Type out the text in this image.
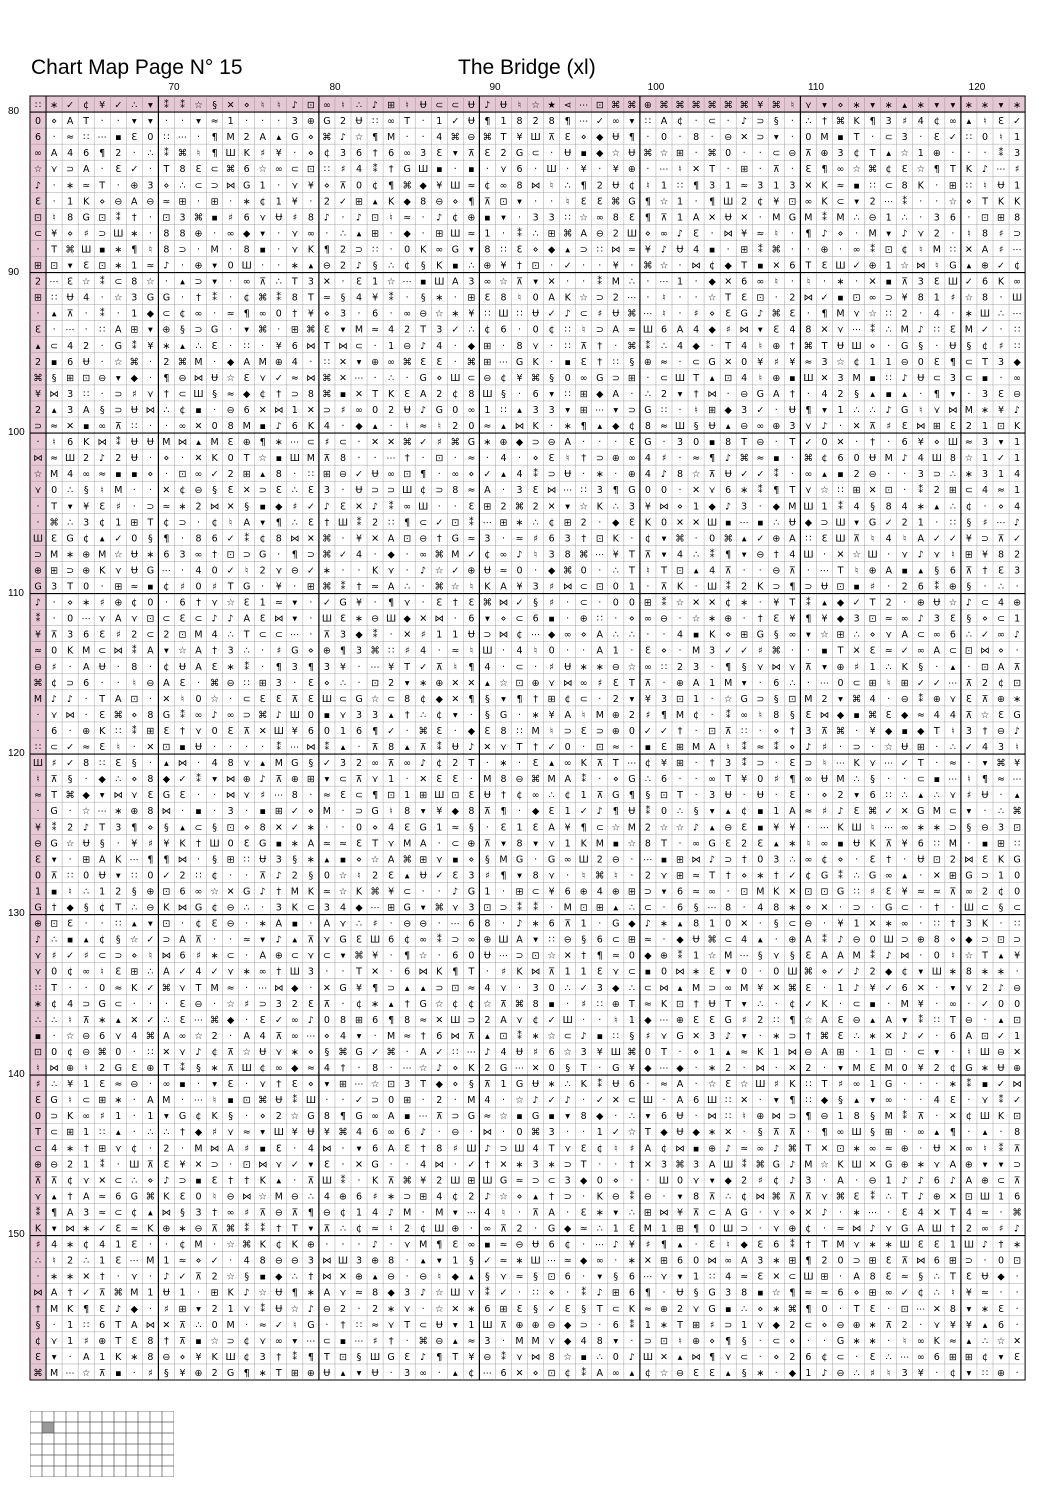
Chart Map Page N° 15	The Bridge (xl)
70	80	90	100	110	120
80
90
100
110
120
130
140
150
∷ ∗ ✓ ¢ ¥ ✓ ∴ ▾ ⁑ ⁑ ☆ § ✕ ⋄ ♮ ♮ ♪ ⊡ ∞ ♮ ∴ ♪ ⊞ ♮ Ʉ ⊂ ⊂ Ʉ ♪ Ʉ ♮ ☆ ★ ⋖ ⋯ ⊡ ⌘ ⌘ ⊕ ⌘ ⌘ ⌘ ⌘ ⌘ ⌘ ¥ ⌘ ♮ ⋎ ▾ ⋄ ∗ ▾ ∗ ▴ ∗ ▾ ▾ ∗ ∗ ▾ ∗
0 ⋄ A T · · ▾ ▾ · · ▾ ≈ 1 · · · 3 ⊕ G 2 Ʉ ∷ ∞ T · 1 ✓ Ʉ ¶ 1 8 2 8 ¶ ⋯ ✓ ∞ ▾ ∷ A ¢ · ⊂ · ♪ ⊃ § · ∴ † ⌘ K ¶ 3 ♯ 4 ¢ ∞ ▴ ♮ ℇ ✓
6 · ≈ ∷ ⋯ ▪ ℇ 0 ∷ ⋯ · ¶ M 2 A ▴ G ⋄ ⌘ ♪ ☆ ¶ M · · 4 ⌘ ⊖ ⌘ T ¥ Ш ⊼ ℇ ⋄ ◆ Ʉ ¶ · 0 · 8 · ⊖ ✕ ⊃ ▾ · 0 M ▪ T · ⊂ 3 · ℇ ✓ ∷ 0 ♮ 1
∞ A 4 6 ¶ 2 · ∴ ⁑ ⌘ ♮ ¶ Ш K ♯ ¥ · ⋄ ¢ 3 6 † 6 ∞ 3 Ɛ ▾ ⊼ ℇ 2 G ⊂ · Ʉ ▪ ◆ ☆ Ʉ ⌘ ☆ ⊞ · ⌘ 0 · · ⊂ ⊖ ⊼ ⊕ 3 ¢ T ▴ ☆ 1 ⊕ · · · ⁑ 3
☆ ⋎ ⊃ A · Ɛ ✓ · T 8 ℇ ⊂ ⌘ 6 ☆ ∞ ⊂ ⊡ ∷ ♯ 4 ⁑ † G Ш ▪ · ▪ · ⋎ 6 · Ш · ¥ · ¥ ⊕ · ⋯ ♮ ✕ T · ⊞ · ⊼ · ℇ ¶ ∞ ☆ ⌘ ¢ ℇ ☆ ¶ T K ♪ ⋯ ♯
♪ · ∗ ≈ T · ⊕ 3 ⋄ ∴ ⊂ ⊃ ⋈ G 1 · ⋎ ¥ ⋄ ⊼ 0 ¢ ¶ ⌘ ◆ ¥ Ш ≈ ¢ ∞ 8 ⋈ ♮ ∴ ¶ 2 Ʉ ¢ ♮ 1 ∷ ¶ 3 1 ≈ 3 1 3 ✕ K ≈ ▪ ∷ ⊂ 8 K · ⊞ ∷ ♮ Ʉ 1
Ɛ · 1 K ⋄ ⊖ A ⊖ ≈ ⊞ · ⊞ · ∗ ¢ 1 ¥ · 2 ✓ ⊞ ▴ K ◆ 8 ⊖ ⋄ ¶ ⊼ ⊡ ▾ · · ♮ Ɛ Ɛ ⌘ G ¶ ☆ 1 · ¶ Ш 2 ¢ ¥ ⊡ ∞ K ⊂ ▾ 2 ⋯ ⁑ · · ☆ ⋄ T K K
⊡ ♮ 8 G ⊡ ⁑ † · ⊡ 3 ⌘ ▪ ♯ 6 ⋎ Ʉ ♯ 8 ♪ · ♪ ⊡ ♮ ≈ · ♪ ¢ ⊕ ▪ ▾ · 3 3 ∷ ☆ ∞ 8 Ɛ ¶ ⊼ 1 A ✕ Ʉ ✕ · M G M ⁑ M ∴ ⊖ 1 ∴ · 3 6 · ⊡ ⊞ 8
⊂ ¥ ⋄ ♯ ⊃ Ш ∗ · 8 8 ⊕ · ∞ ◆ ▾ · ⋎ ∞ · ∴ ▴ ⊞ · ◆ · ⊞ Ш ≈ 1 · ⁑ ∴ ⊞ ⌘ A ⊖ 2 Ш ⋄ ∞ ♪ ℇ · ⋈ ¥ ≈ ♮ · ¶ ♪ ⋄ · M ▾ ♪ ⋎ 2 · ♮ 8 ♯ ⊃
· T ⌘ Ш ▪ ∗ ¶ ♮ 8 ⊃ · M · 8 ▪ · ⋎ K ¶ 2 ⊃ ∷ · 0 K ∞ G ▾ 8 ∷ Ɛ ⋄ ◆ ▴ ⊃ ∷ ⋈ ≈ ¥ ♪ Ʉ 4 ▪ · ⊞ ⁑ ⌘ · · ⊕ · ∞ ⁑ ⊡ ¢ ♮ M ∷ ✕ A ♯ ⋯
⊞ ⊡ ▾ Ɛ ⊡ ∗ 1 ≈ ♪ · ⊕ ▾ 0 Ш · · ∗ ▴ ⊖ 2 ♪ § ∴ ¢ § K ▪ ∴ ⊕ ¥ † ⊡ · ✓ · · ¥ · ⌘ ☆ · ⋈ ¢ ◆ T ▪ ✕ 6 T Ɛ Ш ✓ ⊕ 1 ☆ ⋈ ♮ G ▴ ⊕ ✓ ¢
2 ⋯ ℇ ☆ ⁑ ⊂ 8 ☆ · ▴ ⊃ ▾ · ∞ ⊼ ∴ T 3 ✕ · ℇ 1 ☆ ⋯ ▪ Ш A 3 ∞ ☆ ⊼ ▾ ✕ · · ⁑ M ∴ · ⋯ 1 · ◆ ✕ 6 ∞ ♮ · ♮ · ∗ · ✕ ▪ ⊼ 3 Ɛ Ш ✓ 6 K ∞
⊞ ∷ Ʉ 4 · ☆ 3 G G · † ⁑ · ¢ ⌘ ⁑ 8 T ≈ § 4 ¥ ⁑ · § ∗ · ⊞ Ɛ 8 ♮ 0 A K ☆ ⊃ 2 ⋯ · ♮ · · ☆ T Ɛ ⊡ · 2 ⋈ ✓ ▪ ⊡ ∞ ⊃ ¥ 8 1 ♯ ☆ 8 · Ш
· ▴ ⊼ · ⁑ · 1 ◆ ⊂ ¢ ∞ · ≈ ¶ ∞ 0 † ¥ ⋄ 3 · 6 · ∞ ⊖ ☆ ∗ ¥ ∷ Ш ∷ Ʉ ✓ ♪ ⊂ ♯ Ʉ ⌘ ⋯ ♮ · ♯ ⋄ Ɛ G ♪ ⌘ Ɛ · ¶ M ⋎ ☆ ∷ 2 · 4 · ∗ Ш ∴ ⋯
ℇ · ⋯ · ∷ A ⊞ ▾ ⊕ § ⊃ G · ▾ ⌘ · ⊞ ⌘ ℇ ▾ M ≈ 4 2 T 3 ✓ ∴ ¢ 6 · 0 ¢ ∷ ♮ ⊃ A ≈ Ш 6 A 4 ◆ ♯ ⋈ ▾ ℇ 4 8 ✕ ⋎ ⋯ ⁑ ∴ M ♪ ∷ ℇ M ✓ · ∷
▴ ⊂ 4 2 · G ⁑ ¥ ∗ ▴ ∴ ℇ · ∷ · ¥ 6 ⋈ T ⋈ ⊂ · 1 ⊖ ♪ 4 · ◆ ⊞ · 8 ⋎ · ∷ ⊼ † · ⌘ ⁑ ∴ 4 ◆ · T 4 ♮ ⊕ † ⌘ T Ʉ Ш ⋄ · G § · Ʉ § ¢ ♯ ∷
2 ▪ 6 Ʉ · ☆ ⌘ · 2 ⌘ M · ◆ A M ⊕ 4 · ∷ ✕ ▾ ⊕ ∞ ⌘ Ɛ Ɛ · ⌘ ⊞ ⋯ G K · ▪ ℇ † ∷ § ⊕ ≈ · ⊂ G ✕ 0 ¥ ♯ ¥ ≈ 3 ☆ ¢ 1 1 ⊖ 0 ℇ ¶ ⊂ T 3 ◆
⌘ § ⊞ ⊡ ⊖ ▾ ◆ · ¶ ⊖ ⋈ Ʉ ☆ ℇ ⋎ ✓ ≈ ⋈ ⌘ ✕ ⋯ · ∴ · G ⋄ Ш ⊂ ⊖ ¢ ¥ ⌘ § 0 ∞ G ⊃ ⊞ · ⊂ Ш T ▴ ⊡ 4 ♮ ⊕ ▪ Ш ✕ 3 M ▪ ∷ ♪ Ʉ ⊂ 3 ⊂ ▪ · ∞
¥ ⋈ 3 ∷ · ⊃ ♯ ⋎ † ⊂ Ш § ≈ ◆ ¢ † ⊃ 8 ⌘ ▪ ✕ T K ℇ A 2 ¢ 8 Ш § · 6 ▾ ∷ ⊞ ◆ A · ∴ 2 ▾ † ⋈ · ⊖ G A † · 4 2 § ▴ ▪ ▴ · ¶ ▾ · 3 ℇ ⊖
2 ▴ 3 A § ⊃ Ʉ ⋈ ∴ ¢ ▪ · ⊖ 6 ✕ ⋈ 1 ✕ ⊃ ♯ ∞ 0 2 Ʉ ♪ G 0 ∞ 1 ∷ ▴ 3 3 ▾ ⊞ ⋯ ▾ ⊃ G ∷ · ♮ ⊞ ◆ 3 ✓ · Ʉ ¶ ▾ 1 ∴ ∴ ♪ G ♮ ⋎ ⋈ M ∗ ¥ ♪
⊃ ≈ ✕ ▪ ∞ ⊼ ∷ · · ∞ ✕ 0 8 M ▪ ♪ 6 K 4 · ◆ ▴ · ♮ ≈ ♮ 2 0 ≈ ▴ ⋈ K · ∗ ¶ ▴ ◆ ¢ 8 ≈ Ш § Ʉ ▴ ⊖ ∞ ⊕ 3 ⋎ ♪ · ✕ ⊼ ♯ Ɛ ⋈ ⊞ ℇ 2 1 ⊡ K
· ♮ 6 K ⋈ ⁑ Ʉ Ʉ M ⋈ ▴ M ℇ ⊕ ¶ ∗ ⋯ ⊂ ♯ ⊂ · ✕ ✕ ⌘ ✓ ♯ ⌘ G ∗ ⊕ ◆ ⊃ ⊖ A · · · ℇ G · 3 0 ▪ 8 T ⊖ · T ✓ 0 ✕ · † · 6 ¥ ⋄ Ш ≈ 3 ▾ 1
⋈ ≈ Ш 2 ♪ 2 Ʉ · ⋄ · ✕ K 0 T ☆ ▪ Ш M ⊼ 8 · · ⋯ † · ⊡ · ≈ · 4 · ⋄ ℇ ♮ † ⊃ ⊕ ∞ 4 ♯ · ≈ ¶ ♪ ⌘ ≈ ▪ · ⌘ ¢ 6 0 Ʉ M ♪ 4 Ш 8 ☆ 1 ✓ 1
☆ M 4 ∞ ≈ ▪ ▪ ⋄ · ⊡ ∞ ✓ 2 ⊞ ▴ 8 · ∷ ⊞ ⊖ ✓ Ʉ ∞ ⊡ ¶ · ∞ ⋄ ✓ ▴ 4 ⁑ ⊃ Ʉ · ∗ · ⊕ 4 ♪ 8 ☆ ⊼ Ʉ ✓ ✓ ⁑ · ∞ ▴ ▪ 2 ⊖ · · 3 ⊃ ∴ ∗ 3 1 4
⋎ 0 ∴ § ♮ M · · ✕ ¢ ⊖ § Ɛ ✕ ⊃ ℇ ∴ ℇ 3 · Ʉ ⊃ ⊃ Ш ¢ ⊃ 8 ≈ A · 3 Ɛ ⋈ ⋯ ∷ 3 ¶ G 0 0 · ✕ ⋎ 6 ∗ ⁑ ¶ T ⋎ ☆ ∷ ⊞ ✕ ⊡ · ⁑ 2 ⊞ ⊂ 4 ≈ 1
· T ▾ ¥ Ɛ ♯ · ⊃ ≈ ∗ 2 ⋈ ✕ § ▪ ◆ ♯ ✓ ♪ ℇ ✕ ♪ ⁑ ∞ Ш · · Ɛ ⊞ 2 ⌘ 2 ✕ ▾ ☆ K ∴ 3 ¥ ⋈ ⋄ 1 ◆ ♪ 3 · ◆ M Ш 1 ⁑ 4 § 8 4 ∗ ▴ ∴ ¢ · ⋄ 4
· ⌘ ∴ 3 ¢ 1 ⊞ T ¢ ⊃ · ¢ ♮ A ▾ ¶ ∴ Ɛ † Ш ⁑ 2 ∷ ¶ ⊂ ✓ ⊡ ⁑ ⋯ ⊞ ∗ ∴ ¢ ⊞ 2 · ◆ Ɛ K 0 ✕ ✕ Ш ▪ ⋯ ▪ ∴ Ʉ ◆ ⊃ Ш ▾ G ✓ 2 1 · ∷ § ♯ ⋯ ♪
Ш ℇ G ¢ ▴ ✓ 0 § ¶ · 8 6 ✓ ⁑ ¢ 8 ⋈ ✕ ⌘ · ¥ ✕ A ⊡ ⊖ † G ≈ 3 · ≈ ♯ 6 3 † ⊡ K · ¢ ▾ ⌘ · 0 ⌘ ▴ ✓ ⊕ A ∷ Ɛ Ш ⊼ ♮ 4 ♮ A ✓ ✓ ¥ ⊃ ⊼ ✓
⊃ M ∗ ⊕ M ☆ Ʉ ∗ 6 3 ∞ † ⊡ ⊃ G · ¶ ⊃ ⌘ ✓ 4 · ◆ · ∞ ⌘ M ✓ ¢ ∞ ♪ ♮ 3 8 ⌘ ⋯ ¥ T ⊼ ▾ 4 ∴ ⁑ ¶ ▾ ⊖ † 4 Ш · ✕ ☆ Ш · ⋎ ♪ ⋎ ♮ ⊞ ¥ 8 2
⊕ ⊞ ⊃ ⊕ K ⋎ Ʉ G ⋯ · 4 0 ✓ ♮ 2 ⋎ ⊖ ✓ ∗ · · K ⋎ · ♪ ☆ ✓ ⊕ Ʉ ≈ 0 · ◆ ⌘ 0 · ∴ T ♮ T ⊡ ▴ 4 ⊼ · · ⊖ ⊼ · ⋯ T ♮ ⊕ A ▪ ▴ § 6 ⊼ † ℇ 3
G 3 T 0 · ⊞ ≈ ▪ ¢ ♯ 0 ♯ T G · ¥ · ⊞ ⌘ ⁑ † ≈ A ∴ · ⌘ ☆ ♮ K A ¥ 3 ♯ ⋈ ⊂ ⊡ 0 1 · ⊼ K · Ш ⁑ 2 K ⊃ ¶ ⊃ Ʉ ⊡ ▪ ♯ · 2 6 ⁑ ⊕ § · ∴ ·
♪ · ⋄ ∗ ♯ ⊕ ¢ 0 · 6 † ⋎ ☆ ℇ 1 ≈ ▾ · ✓ G ¥ · ¶ ⋎ · ℇ † Ɛ ⌘ ⋈ ✓ § ♯ · ⊂ · 0 0 ⊞ ⁑ ☆ ✕ ✕ ¢ ∗ · ¥ T ⁑ ▴ ◆ ✓ T 2 · ⊕ Ʉ ☆ ♪ ⊂ 4 ⊕
⁑ · 0 ⋯ ⋎ A ⋎ ⊡ ⊂ ℇ ⊂ ♪ ♪ A Ɛ ⋈ ▾ · Ш Ɛ ∗ ⊖ Ш ◆ ✕ ⋈ · 6 ▾ ⋄ ⊂ 6 ▪ · ⊕ ∷ · ⋄ ∞ ⊖ · ☆ ∗ ⊕ · † ℇ ¥ ¶ ¥ ◆ 3 ⊡ ≈ ∞ ♪ 3 Ɛ § ⋄ ⊂ 1
¥ ⊼ 3 6 Ɛ ♯ 2 ⊂ 2 ⊡ M 4 ∴ T ⊂ ⊂ ⋯ · ⊼ 3 ◆ ⁑ · ✕ ♯ 1 1 Ʉ ⊃ ⋈ ¢ ⋯ ◆ ∞ ⋄ A ∴ ∴ · · 4 ▪ K ⋄ ⊞ G § ∞ ▾ ☆ ⊞ ∴ ⋄ ⋎ A ⊂ ∞ 6 ∴ ✓ ∞ ♪
≈ 0 K M ⊂ ⋈ ⁑ A ▾ ☆ A † 3 ∴ · ♯ G ⋄ ⊕ ¶ 3 ⌘ ∷ ♯ 4 · ≈ ♮ Ш · 4 ♮ 0 · · A 1 · Ɛ ⋄ · M 3 ✓ ✓ ♯ ⌘ · · ▪ T ✕ Ɛ ≈ ✓ ∞ A ⊂ ⊡ ⋈ ⋄ ·
⊖ ♯ · A Ʉ · 8 · ¢ Ʉ A Ɛ ∗ ⁑ · ¶ 3 ¶ 3 ¥ · ⋯ ¥ T ✓ ⊼ ♮ ¶ 4 · ⊂ · ♯ Ʉ ∗ ∗ ⊖ ☆ ∞ ∷ 2 3 · ¶ § ⋎ ⋈ ⋎ ⊼ ▾ ⊕ ♯ 1 ∴ K § · ▴ · ⊡ A ⊼
⌘ ¢ ⊃ 6 · · ♮ ⊖ A ℇ · ⌘ ⊖ ∷ ⊞ 3 · Ɛ ⋄ ∴ · ⊡ 2 ▾ ∗ ⊕ ✕ ✕ ▴ ☆ ⊡ ⊕ ⋎ ⋈ ∞ ♯ Ɛ T ⊼ · ⊕ A 1 M ▾ · 6 ∴ · ⋯ 0 ⊂ ⊞ ♮ ⊞ ✓ ✓ ⋯ ⊼ 2 ¢ ⊡
M ♪ ♪ · T A ⊡ · ✕ ♮ 0 ☆ · ⊂ ℇ Ɛ ⊼ ℇ Ш ⊂ G ☆ ⊂ 8 ¢ ◆ ✕ ¶ § ▾ ¶ † ⊞ ¢ ⊂ · 2 ▾ ¥ 3 ⊡ 1 · ☆ G ⊃ § ⊡ M 2 ▾ ⌘ 4 · ⊖ ⁑ ⊕ ⋎ ℇ ⊼ ⊕ ∗
· ⋎ ⋈ · ℇ ⌘ ⋄ 8 G ⁑ ∞ ♪ ∞ ⊃ ⌘ ♪ Ш 0 ▪ ⋎ 3 3 ▴ † ∴ ¢ ▾ · § G · ∗ ¥ A ♮ M ⊕ 2 ♯ ¶ M ¢ · ⁑ ∞ ♮ 8 § Ɛ ⋈ ◆ ▪ ⌘ ℇ ◆ ≈ 4 4 ⊼ ☆ Ɛ G
· 6 · ⊕ K ∷ ⁑ ⊞ Ɛ † ⋎ 0 ℇ ⊼ ✕ Ш ¥ 6 0 1 6 ¶ ✓ · ⌘ Ɛ · ◆ ℇ 8 ∷ M ♮ ⊃ Ɛ ⊃ ⊕ 0 ✓ ✓ † · ⊡ ⊼ ∷ · ⋄ † 3 ⊼ ⌘ · ¥ ◆ ▪ ◆ T ♮ 3 † ⊖ ♪
∷ ⊂ ✓ ≈ Ɛ ♮ · ✕ ⊡ ▪ Ʉ · · · · ⁑ ⋯ ⋈ ⁑ ▴ · ⊼ 8 ▴ ⊼ ⁑ Ʉ ♪ ✕ ⋎ T † ✓ 0 · ⊡ ≈ · ▪ ℇ ⊞ M A ♮ ⁑ ≈ ⁑ ⋄ ♪ ♯ · ⊃ · ☆ Ʉ ⊞ · ∴ ✓ 4 3 ♮
Ш ♯ ✓ 8 ∷ ℇ § · ▴ ⋈ · 4 8 ⋎ ▴ M G § ✓ 3 2 ∞ ⊼ ∞ ♪ ¢ 2 T · ∗ · Ɛ ▴ ∞ K ⊼ T ⋯ ¢ ¥ ⊞ · † 3 ⁑ ⊃ · ℇ ⊃ ♮ ⋯ K ⋎ ⋯ ✓ T · ≈ · ▾ ⌘ ¥
♮ ⊼ § · ◆ ∴ ⋄ 8 ◆ ✓ ⁑ ▾ ⋈ ⊕ ♪ ⊼ ⊕ ⊞ ▾ ⊂ ⊼ ⋎ 1 · ✕ ℇ Ɛ · M 8 ⊖ ⌘ M A ⁑ · ⋄ G ∴ 6 · · ∞ T ¥ 0 ♯ ¶ ∞ Ʉ M ∴ § · · ⊂ ▪ ⋯ ♮ ¶ ≈ ⋯
≈ T ⌘ ◆ ▾ ⋈ ⋎ Ɛ G ℇ · · ⋈ ⋎ ♯ ⋯ 8 · ≈ Ɛ ⊂ ¶ ⊡ 1 ⊞ Ш ⊡ Ɛ Ʉ † ¢ ∞ ∴ ¢ 1 ⊼ G ¶ § ⊡ T · 3 Ʉ · Ʉ · Ɛ · ⋄ 2 ▾ 6 ∷ ∴ ▴ ∴ ⋎ ♯ Ʉ · ▴
· G · ☆ ⋯ ∗ ⊕ 8 ⋈ · ▪ · 3 · ▪ ⊞ ✓ ⋄ M · ⊃ G ♮ 8 ▾ ¥ ◆ 8 ⊼ ¶ · ◆ ℇ 1 ✓ ♪ ¶ Ʉ ⁑ 0 ∴ § ▾ ▴ ¢ ▪ 1 A ≈ ♯ ♪ Ɛ ⌘ ✓ ✕ G M ⊂ ▾ · ∴ ⌘
¥ ⁑ 2 ♪ T 3 ¶ ⋄ § ▴ ⊂ § ⊡ ⋄ 8 ✕ ✓ ∗ · · 0 ⋄ 4 ℇ G 1 ≈ § · ℇ 1 Ɛ A ¥ ¶ ⊂ ☆ M 2 ☆ ☆ ♪ ▴ ⊖ Ɛ ▪ ¥ ¥ · ⋯ K Ш ♮ ⋯ ∞ ∗ ∗ ⊃ § ⊖ 3 ⊡
⊖ G ☆ Ʉ § · ¥ ♯ ¥ K † Ш 0 Ɛ G ▪ ∗ A ≈ ≈ Ɛ T ⋎ M A · ⊂ ⊕ ⊼ ▾ 8 ▾ ⋎ 1 K M ▪ ☆ 8 T · ∞ G ℇ 2 ℇ ▴ ∗ ♮ ∞ ▪ Ʉ K ⊼ ¥ 6 ∷ M · ▪ ⊞ ∷
ℇ ▾ · ⊞ A K ⋯ ¶ ¶ ⋈ · § ⊞ ∷ Ʉ 3 § ∗ ▴ ▪ ⋄ ☆ A ⌘ ⊞ ⋎ ▪ ⋄ § M G · G ∞ Ш 2 ⊖ · ⋯ ▪ ⊞ ⋈ ♪ ⊃ † 0 3 ∴ ∞ ¢ ⋄ · Ɛ † · Ʉ ⊡ 2 ⋈ Ɛ K G
0 ⊼ ∷ 0 Ʉ ▾ ∷ 0 ✓ 2 ∷ ¢ · · ⊼ ♪ 2 § 0 ☆ ♮ 2 Ɛ ▴ Ʉ ✓ Ɛ 3 ♯ ¶ ▾ 8 ⋎ · ♮ ⌘ ♮ · 2 ⋎ ⊞ ≈ T † ⋄ ∗ † ✓ ¢ G ⁑ ∴ G ∞ ▴ · ✕ ⊞ G ⊃ 1 0
1 ▪ ♮ ∴ 1 2 § ⊕ ⊡ 6 ∞ ☆ ✕ G ♪ † M K ≈ ☆ K ⌘ ¥ ⊂ · · ♪ G 1 · ⊞ ⊂ ¥ 6 ⊕ 4 ⊕ ⊞ ⊃ ▾ 6 ≈ ∞ · ⊡ M K ✕ ⊡ ⊡ G ∷ ♯ Ɛ ¥ ≈ ≈ ⊼ ∞ 2 ¢ 0
G † ◆ § ¢ T ∴ ⊖ K ⋈ G ¢ ⊖ ∴ · 3 K ⊂ 3 4 ◆ ⋯ ⊞ G ▾ ⌘ ⋎ 3 ⊡ ⊃ ⁑ ⁑ · M ⊡ ⊞ ▴ ∴ ⊂ · 6 § ⋯ 8 · 4 8 ∗ ⋄ ✕ · ⊃ · G ⊂ · † · Ш ⊂ § ⊂
⊕ ⊡ Ɛ · · ∷ ▴ ▾ ⊡ · ¢ ℇ ⊖ · ∗ A ▪ · A ⋎ ∴ ♯ · ⊖ ⊖ · ⋯ 6 8 · ♪ ∗ 6 ⊼ 1 · G ◆ ♪ ∗ ▴ 8 1 0 ✕ · § ⊂ ⊖ · ¥ 1 ✕ ∗ ∞ · ∷ † 3 K · ∷
♪ ∴ ▪ ▴ ¢ § ☆ ✓ ⊃ A ⊼ · · ≈ ▾ ♪ ▴ ⊼ ⋎ G ℇ Ш 6 ¢ ∞ ⁑ ⊃ ∞ ⊕ Ш A ▾ ∷ ⊖ § 6 ⊂ ⊞ ≈ · ◆ Ʉ ⌘ ⊂ 4 ▴ · ⊕ A ⁑ ♪ ⊖ 0 Ш ⊃ ⊕ 8 ⋄ ◆ ⊃ ⊡ ⊃
⋎ ♯ ✓ ♯ ⊂ ⊃ ⋄ ♮ ⋈ 6 ♯ ∗ ⊂ · A ⊕ ⊂ ⋎ ⊂ ▾ ⌘ ¥ · ¶ ☆ · 6 0 Ʉ ⋯ ⊃ ⊡ ☆ ✕ † ¶ ≈ 0 ◆ ⊕ ⁑ 1 ☆ M ⋯ § ⋎ § ℇ A A M ⁑ ♪ ⋈ · 0 ♮ ☆ T ▴ ¥
⋎ 0 ¢ ∞ ♮ ℇ ⊞ ∴ A ✓ 4 ✓ ⋎ ∗ ∞ † Ш 3 · · T ✕ · 6 ⋈ K ¶ T · ♯ K ⋈ ⊼ 1 1 Ɛ ⋎ ⊂ ▪ 0 ⋈ ∗ ℇ ▾ 0 · 0 Ш ⌘ ⋄ ✓ ♪ 2 ◆ ¢ ▾ Ш ∗ 8 ∗ ∗ ·
∷ T · · 0 ≈ K ✓ ⌘ ⋎ T M ≈ · ⋯ ⋈ ◆ · ✕ G ¥ ¶ ⊃ ▴ ▴ ⊃ ⊡ ≈ 4 ⋎ · 3 0 ∴ ✓ 3 ◆ ∴ ⊂ ⋈ ▴ M ⊃ ∞ M ¥ ✕ ⌘ ℇ · 1 ♪ ¥ ✓ 6 ✕ · ▾ ⋎ 2 ♪ ⊖
∗ ¢ 4 ⊃ G ⊂ · · · ℇ ⊖ · ☆ ♯ ⊃ 3 2 Ɛ ⊼ · ¢ ∗ ▴ † G ☆ ¢ ¢ ☆ ⊼ ⌘ 8 ▪ · ♯ ∷ ⊕ T ≈ K ⊡ † Ʉ T ▾ ∴ · ¢ ✓ K · ⊂ ▪ · M ¥ · ∞ · ✓ 0 0
∴ ∴ ♮ ⊼ ∗ ▴ ✕ ✓ ∴ Ɛ ⋯ ⌘ ◆ · ℇ ✓ ∞ ♪ 0 8 ⊞ 6 ¶ 8 ≈ ✕ Ш ⊃ 2 A ⋎ ¢ ✓ Ш · · ♮ 1 ◆ ⋯ ⊕ ℇ Ɛ G ♯ 2 ∷ ¶ ☆ A ℇ ⊖ ▴ A ▾ ⁑ ∷ T ⊖ · ▴ ⊡
▪ · ☆ ⊖ 6 ⋎ 4 ⌘ A ∞ ☆ 2 · A 4 ⊼ ∞ ⋯ ⋄ 4 ▾ · M ≈ † 6 ⋈ ⊼ ▴ ⊡ ⁑ ∗ ☆ ⊂ ♪ ▪ ∷ § ♯ ⋎ G ✕ 3 ♪ ▾ · ∗ ⊃ † ⌘ Ɛ ∴ ∗ ✕ ♪ ✓ · 6 A ⊡ ✓ 1
⊡ 0 ¢ ⊖ ⌘ 0 · ∷ ✕ ⋎ ♪ ¢ ⊼ ☆ Ʉ ⋎ ∗ ⋄ § ⌘ G ✓ ⌘ · A ✓ ∷ ⋯ ♪ 4 Ʉ ♯ 6 ☆ 3 ¥ Ш ⌘ 0 T · ⋄ 1 ▴ ≈ K 1 ⋈ ⊖ A ⊞ · 1 ⊡ · ⊂ ▾ · ♮ Ш ⊖ ✕
♮ ⋈ ⊕ ♮ 2 G Ɛ ⊕ T ⁑ § ∗ ⊼ Ш ¢ ∞ ◆ ≈ 4 † · 8 · ⋯ ☆ ♪ ⋄ K 2 G ⋯ ✕ 0 § T · G ¥ ◆ ⋯ ◆ · ∗ 2 · ⋈ · ✕ 2 · ▾ M ℇ M 0 ¥ 2 ¢ G ∗ Ʉ ⊕
♯ ∴ ¥ 1 Ɛ ≈ ⊖ · ∞ ▪ · ▾ ℇ · ⋎ † ℇ ⋄ ▾ ⊞ ⋯ ☆ ⊡ 3 T ◆ ⋄ § ⊼ 1 G Ʉ ∗ ∴ K ⁑ Ʉ 6 · ≈ A · ☆ Ɛ ☆ Ш ♯ K ∷ T ♯ ∞ 1 G · · · ∗ ⁑ ▪ ✓ ⋈
ℇ G ♮ ⊂ ⊞ ∗ · A M · ⋯ ♮ ▪ ⊡ ⌘ Ʉ ⁑ Ш · · ✓ ⊃ 0 ⊞ · 2 · M 4 · ☆ ♪ ✓ ♪ · ✓ ✕ ⊂ Ш · A 6 Ш ∷ ✕ · ▾ ¶ ∷ ◆ § ▴ ▾ ∞ · · 4 ℇ · ⋎ ⁑ ✓
0 ⊃ K ∞ ♯ 1 · 1 ▾ G ¢ K § · ⋄ 2 ☆ G 8 ¶ G ∞ A ▪ ⋯ ⊼ ⊃ G ≈ ☆ ▪ G ▪ ▾ 8 ◆ · ∴ ▾ 6 Ʉ · ⋈ ∷ ♮ ⊕ ⋈ ⊃ ¶ ⊖ 1 8 § M ⁑ ⊼ · ✕ ¢ Ш K ⊡
T ⊂ ⊞ 1 ∷ ▴ · ∴ ∴ † ◆ ♯ ⋎ ≈ ▾ Ш ¥ Ʉ ¥ ⌘ 4 6 ∞ 6 ♪ · ⊖ · ⋈ · 0 ⌘ 3 · · 1 ✓ ☆ T ◆ Ʉ ◆ ∗ ✕ · § ⊼ ⊼ · ¶ ∞ Ш § ⊞ · ∞ ▴ ¶ · ▴ · 8
⊂ 4 ∗ † ⊞ ⋎ ¢ · 2 · M ⋈ A ♯ ▪ Ɛ · 4 ⋈ · ▾ 6 A Ɛ † 8 ♯ Ш ♪ ⊃ Ш 4 T ⋎ Ɛ ¢ ♮ ♯ A ¢ ⋈ ▪ ⊕ ♪ ≈ ∞ ♪ ⌘ T ✕ ⊡ ∗ ∞ ≈ ⊕ · Ʉ ✕ ∞ ♮ ⁑ ⊼
⊕ ⊖ 2 1 ⁑ · Ш ⊼ Ɛ ¥ ✕ ⊃ · ⊡ ⋈ ⋎ ✓ ▾ Ɛ · ✕ G · · 4 ⋈ · ✓ † ✕ ∗ 3 ∗ ⊃ T · · † ✕ 3 ⌘ 3 A Ш ⁑ ⌘ G ♪ M ☆ K Ш ✕ G ⊕ ∗ ⋎ A ⊕ ▾ ▾ ⊃
⊼ ⊼ ¢ ⋎ ✕ ⊂ ∴ ⋄ ♪ ⊃ ▪ Ɛ † † K ▴ · ⊼ Ш ⁑ · K ⊼ ⌘ ¥ 2 Ш ⊞ Ш G ≈ ⊃ ⊂ 3 ◆ 0 ⋄ · · Ш 0 ⋎ ▾ ◆ 2 ♯ ¢ ♪ 3 · A · ⊖ 1 ♪ ♪ 6 ♪ A ⊕ ⊂ ⊼
⋎ ▴ † A ≈ 6 G ⌘ K Ɛ 0 ♮ ⊖ ⋈ ☆ M ⊖ ∴ 4 ⊕ 6 ♯ ∗ ⊃ ⊞ 4 ¢ 2 ♪ ☆ ⋄ ▴ † ⊃ · K ⊖ ⁑ ⊖ · ▾ 8 ⊼ ∴ ¢ ⋈ ⌘ ⊼ ⊼ ⋎ ⌘ ℇ ⁑ ∴ T ♪ ⊕ ✕ ⊡ Ш 1 6
⁑ ¶ A 3 ≈ ⊂ ¢ ▴ ⋈ § 3 † ∞ ♯ ⊼ ⊖ ⊼ ¶ ⊖ ¢ 1 4 ♪ M · M ▾ ⋯ 4 ♮ · ⊼ A · ℇ ∗ ▾ ∴ ⊞ ⋈ ¥ ⊼ ⊂ A G · ⋎ ⋄ ✕ ♪ · ∗ ⋯ · Ɛ 4 ✕ T 4 ≈ · ⌘
K ▾ ⋈ ∗ ✓ Ɛ ≈ K ⊕ ∗ ⊖ ⊼ ⌘ ⁑ ⁑ † T ▾ ⊼ ∴ ¢ ≈ ♮ 2 ¢ Ш ⊕ · ∞ ⊼ 2 · G ◆ ≈ ∴ 1 ℇ M 1 ⊞ ¶ 0 Ш ⊃ · ⋎ ⊕ ¢ · ≈ ⋈ ♪ ⋎ G A Ш † 2 ∞ ♯ ♪
♯ 4 ∗ ¢ 4 1 ℇ · · ¢ M · ☆ ⌘ K ¢ K ⊕ · · · ♪ · ⋎ M ¶ Ɛ ∞ ▪ ≈ ⊖ Ʉ 6 ¢ · ⋯ ♪ ¥ ♯ ¶ ▴ · Ɛ ♮ ◆ ℇ 6 ⁑ † T M ⋎ ∗ ∗ Ш ℇ ℇ 1 Ш ♪ † ∗
∴ ♮ 2 ∴ 1 ℇ ⋯ M 1 ≈ ⋄ ✓ · 4 8 ⊖ ⊖ 3 ⋈ Ш 3 ⊕ 8 · ▴ ▾ 1 § ✓ ≈ ∗ Ш ⋯ ≈ ◆ ∞ · ∗ ✕ ⊞ 6 0 ⋈ ∞ A 3 ∗ ⊞ ¶ 2 0 ⊃ ⊞ Ɛ ⊼ ⋈ 6 ⊞ ⊃ · 0 ⊡
· ∗ ∗ ✕ † · ⋎ · ♪ ✓ ⊼ 2 ☆ § ▪ ◆ ∴ † ⋈ ✕ ⊕ ▴ ⊖ · ⊖ ♮ ◆ ▴ § ⋎ ≈ § ⊡ 6 · ▾ § 6 ⋯ ⋎ ▾ 1 ∷ 4 ≈ Ɛ ✕ ⊂ Ш ⊞ · A 8 ℇ ≈ § ∴ T Ɛ Ʉ ◆ ·
⋈ A † ✓ ⊼ ⌘ M 1 Ʉ 1 · ⊞ K ♪ ☆ Ʉ ¶ ∗ A ⋎ ≈ 8 ◆ 3 ♪ ☆ Ш ⋎ ⁑ ✓ · ∷ ⋄ · ⁑ ♪ ⊞ 6 ¶ · Ʉ § G 3 8 ▪ ☆ ¶ ≈ ≈ 6 ⋄ ⊞ ∞ ✓ ¢ ∴ ♮ ¥ ≈ · ·
† M K ¶ Ɛ ♪ ◆ · ♯ ⊞ ▾ 2 1 ⋎ ⁑ Ʉ ☆ ♪ ⊖ 2 · 2 ∗ ⋎ · ☆ ✕ ∗ 6 ⊞ Ɛ § ✓ ℇ § T ⊂ K ≈ ⊕ 2 ⋎ G ▪ ∴ ⋄ ∗ ⌘ ¶ 0 · T Ɛ · ⊡ ⋯ ✕ 8 ▾ ∗ Ɛ ·
§ · 1 ∷ 6 T A ⋈ ✕ ⊼ ∴ 0 M · ≈ ✓ ♮ G · † ∷ ≈ ⋎ T ⊂ Ʉ ▾ 1 Ш ⊼ ⊕ ⊕ ⊖ ◆ ⊃ · 6 ⁑ 1 ∗ T ⊞ ♯ ⊃ 1 ⋎ ◆ 2 ⊂ ⋄ ⊖ ⊕ ∗ ⊼ 2 · ⋎ ¥ ¥ ▴ 6 ·
¢ ⋎ 1 ♯ ⊕ T Ɛ 8 † ⊼ ▪ ☆ ⊃ ¢ ⋎ ∞ ▾ ⋯ ⊂ ▪ ⋯ ♯ † · ⌘ ⊖ ▴ ≈ 3 · M M ⋎ ◆ 4 8 ▾ · ⊃ ⊡ ♮ ⊕ ⋄ ¶ § · ⊂ ⋄ · · G ∗ ∗ · ♮ ∞ K ≈ ▴ ∴ ☆ ✕
ℇ ▾ · A 1 K ∗ 8 ⊖ ⋄ ¥ K Ш ¢ 3 † ⁑ ¶ T ⊡ § Ш G Ɛ ♪ ¶ T ¥ ⊖ ⁑ ⋎ ⋈ 8 ☆ ▪ ∴ 0 ♪ Ш ✕ ▴ ⋈ ¶ ⋎ ⊂ · ⋄ 2 6 ¢ ⊂ · Ɛ ∴ ⋯ ∞ 6 ⊞ ⊞ ¢ ▾ ℇ
⌘ M ⋯ ☆ ⊼ ▪ · ♯ § ¥ ⊕ 2 G ¶ ∗ T ⊞ ⊕ Ʉ ▴ ▾ Ʉ · 3 ∞ · ▴ ¢ ⋯ 6 ✕ ⋄ ⊡ ¢ ⁑ A ∞ ▴ ¢ ☆ ⊖ ℇ ℇ ▴ § ∗ · ◆ 1 ♪ ⊖ ∴ ♯ ♮ 3 ¥ · ¢ ▾ ∷ ⊕ ·
